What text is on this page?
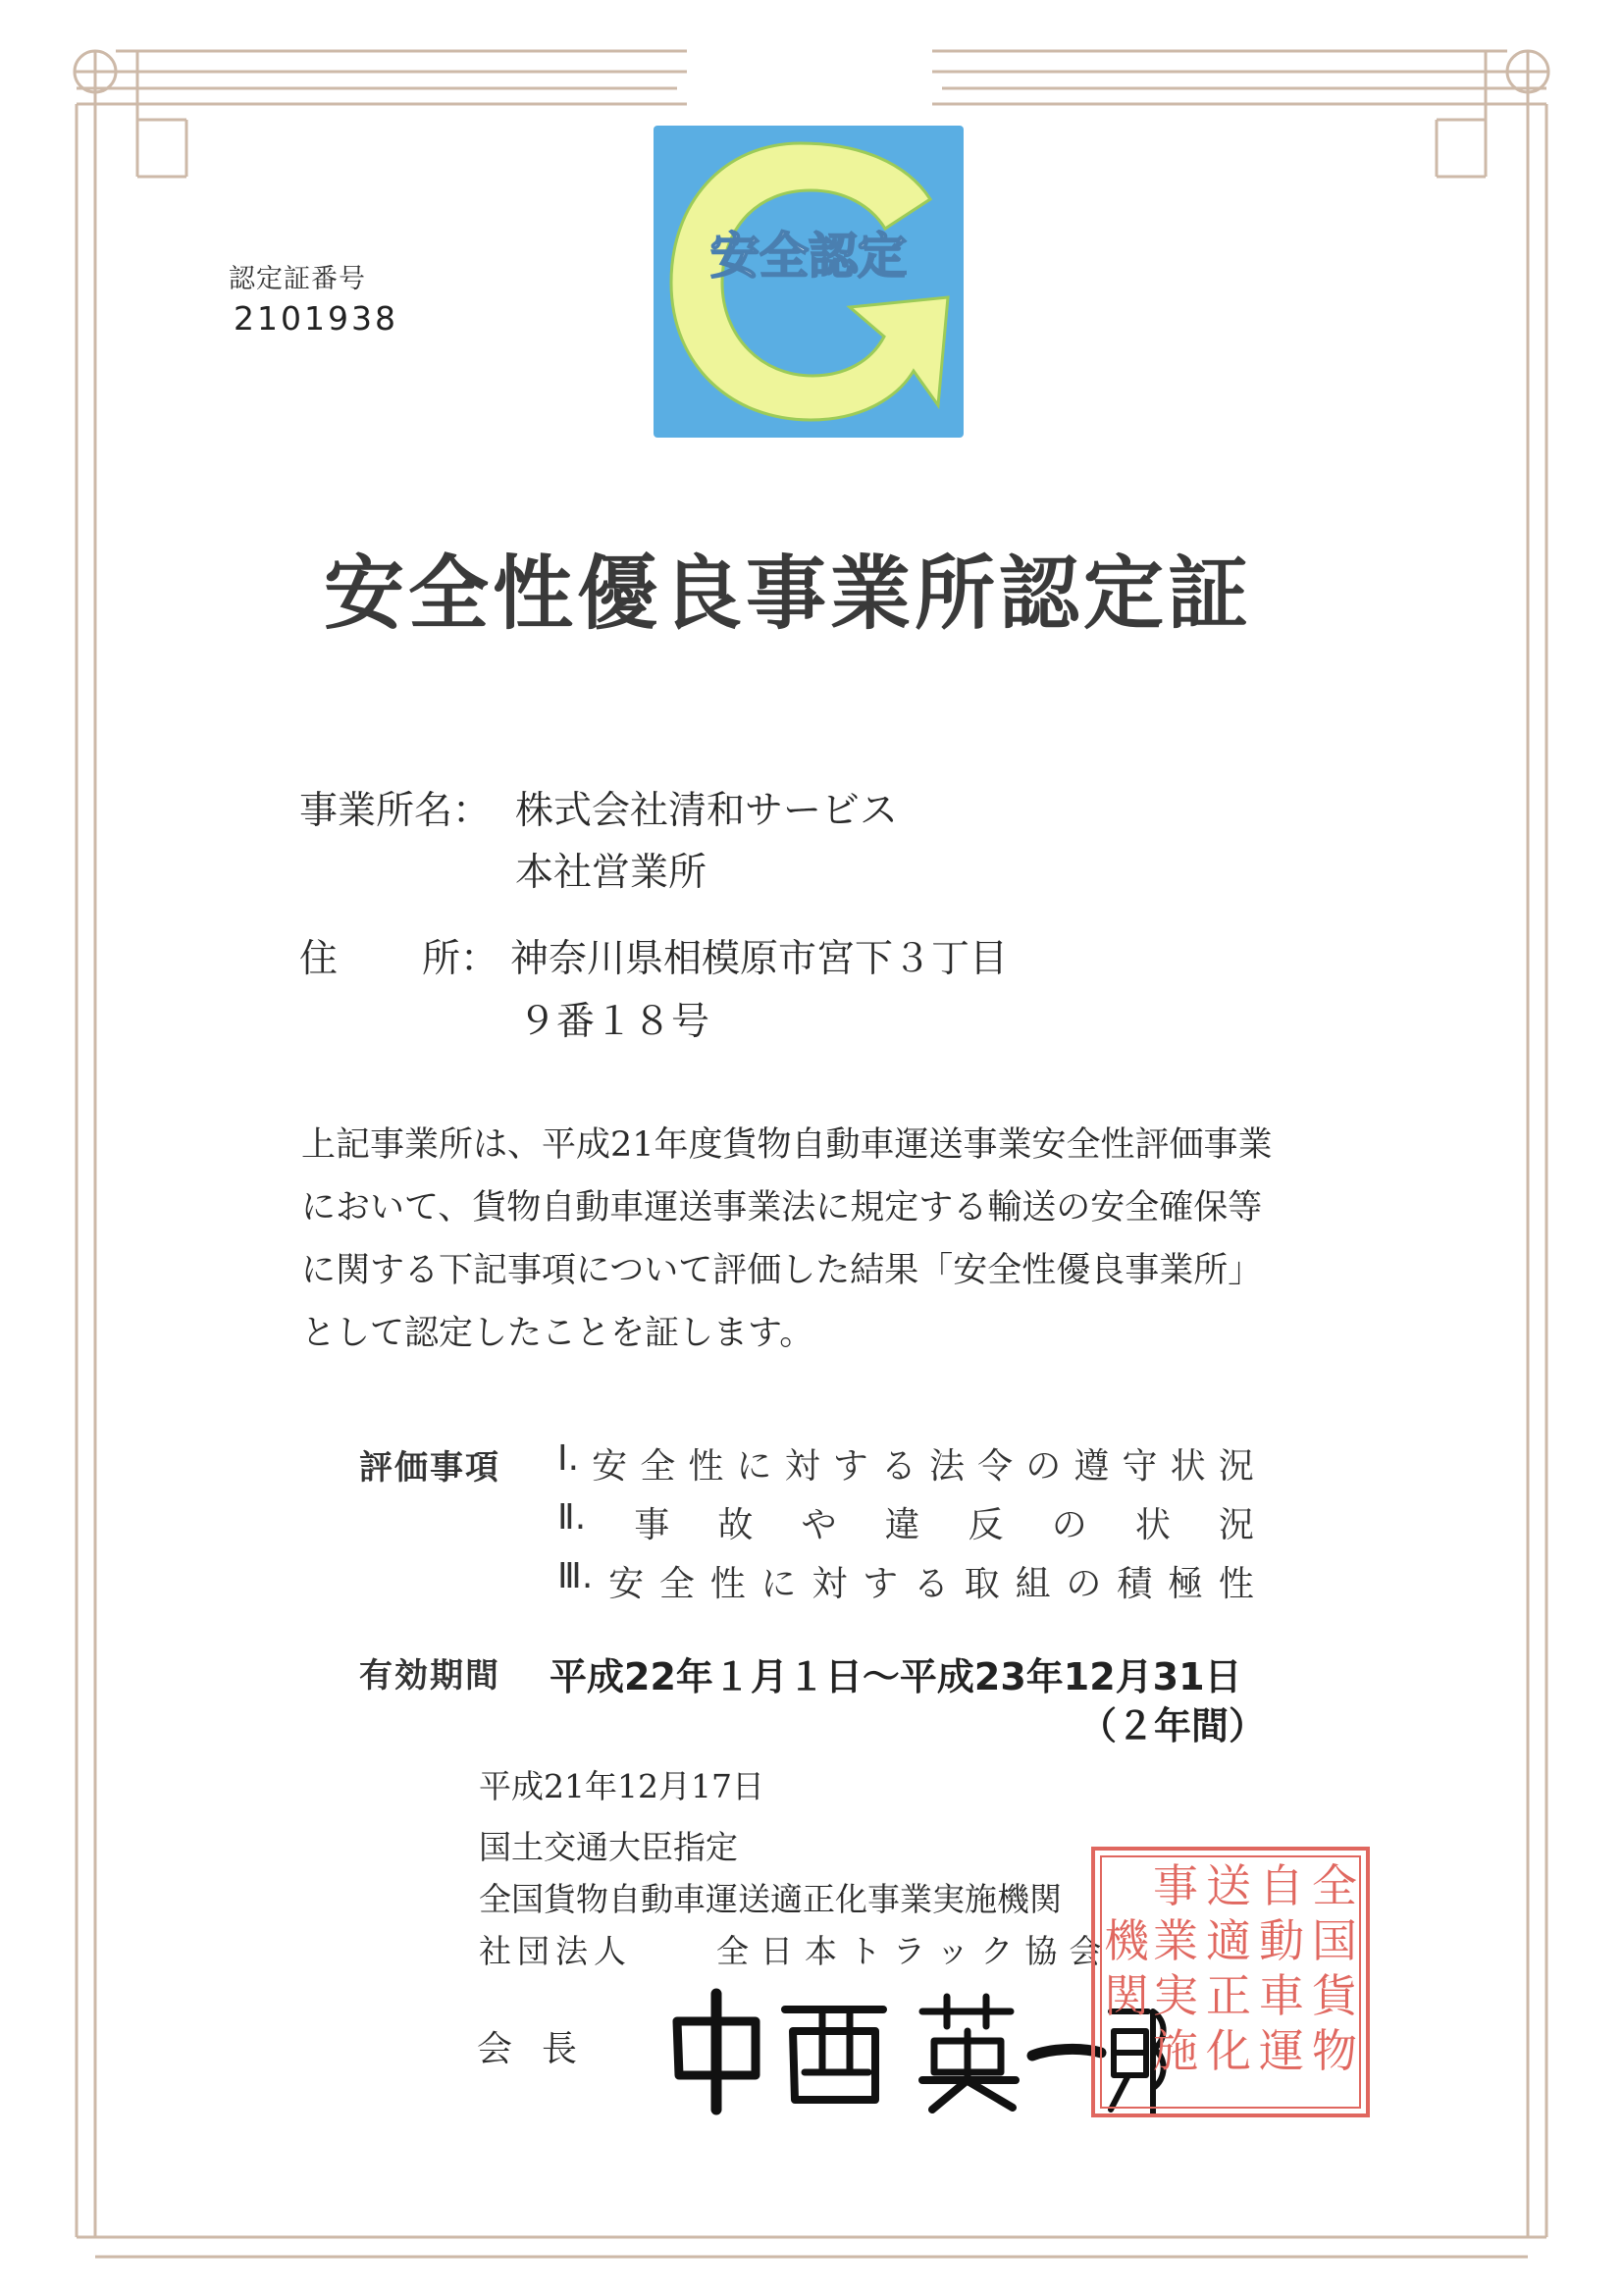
認定証番号
2101938
安全認定
安全性優良事業所認定証
事業所名： 株式会社清和サービス
本社営業所
住 所： 神奈川県相模原市宮下３丁目
９番１８号
上記事業所は、平成21年度貨物自動車運送事業安全性評価事業
において、貨物自動車運送事業法に規定する輸送の安全確保等
に関する下記事項について評価した結果「安全性優良事業所」
として認定したことを証します。
評価事項 Ⅰ. 安 全 性 に 対 す る 法 令 の 遵 守 状 況
Ⅱ. 事 故 や 違 反 の 状 況
Ⅲ. 安 全 性 に 対 す る 取 組 の 積 極 性
有効期間 平成22年１月１日～平成23年12月31日
（２年間）
平成21年12月17日
国土交通大臣指定
全国貨物自動車運送適正化事業実施機関
社団法人	全日本トラック協会
会長
全
国
貨
物
自
動
車
運
送
適
正
化
事
業
実
施
機
関
